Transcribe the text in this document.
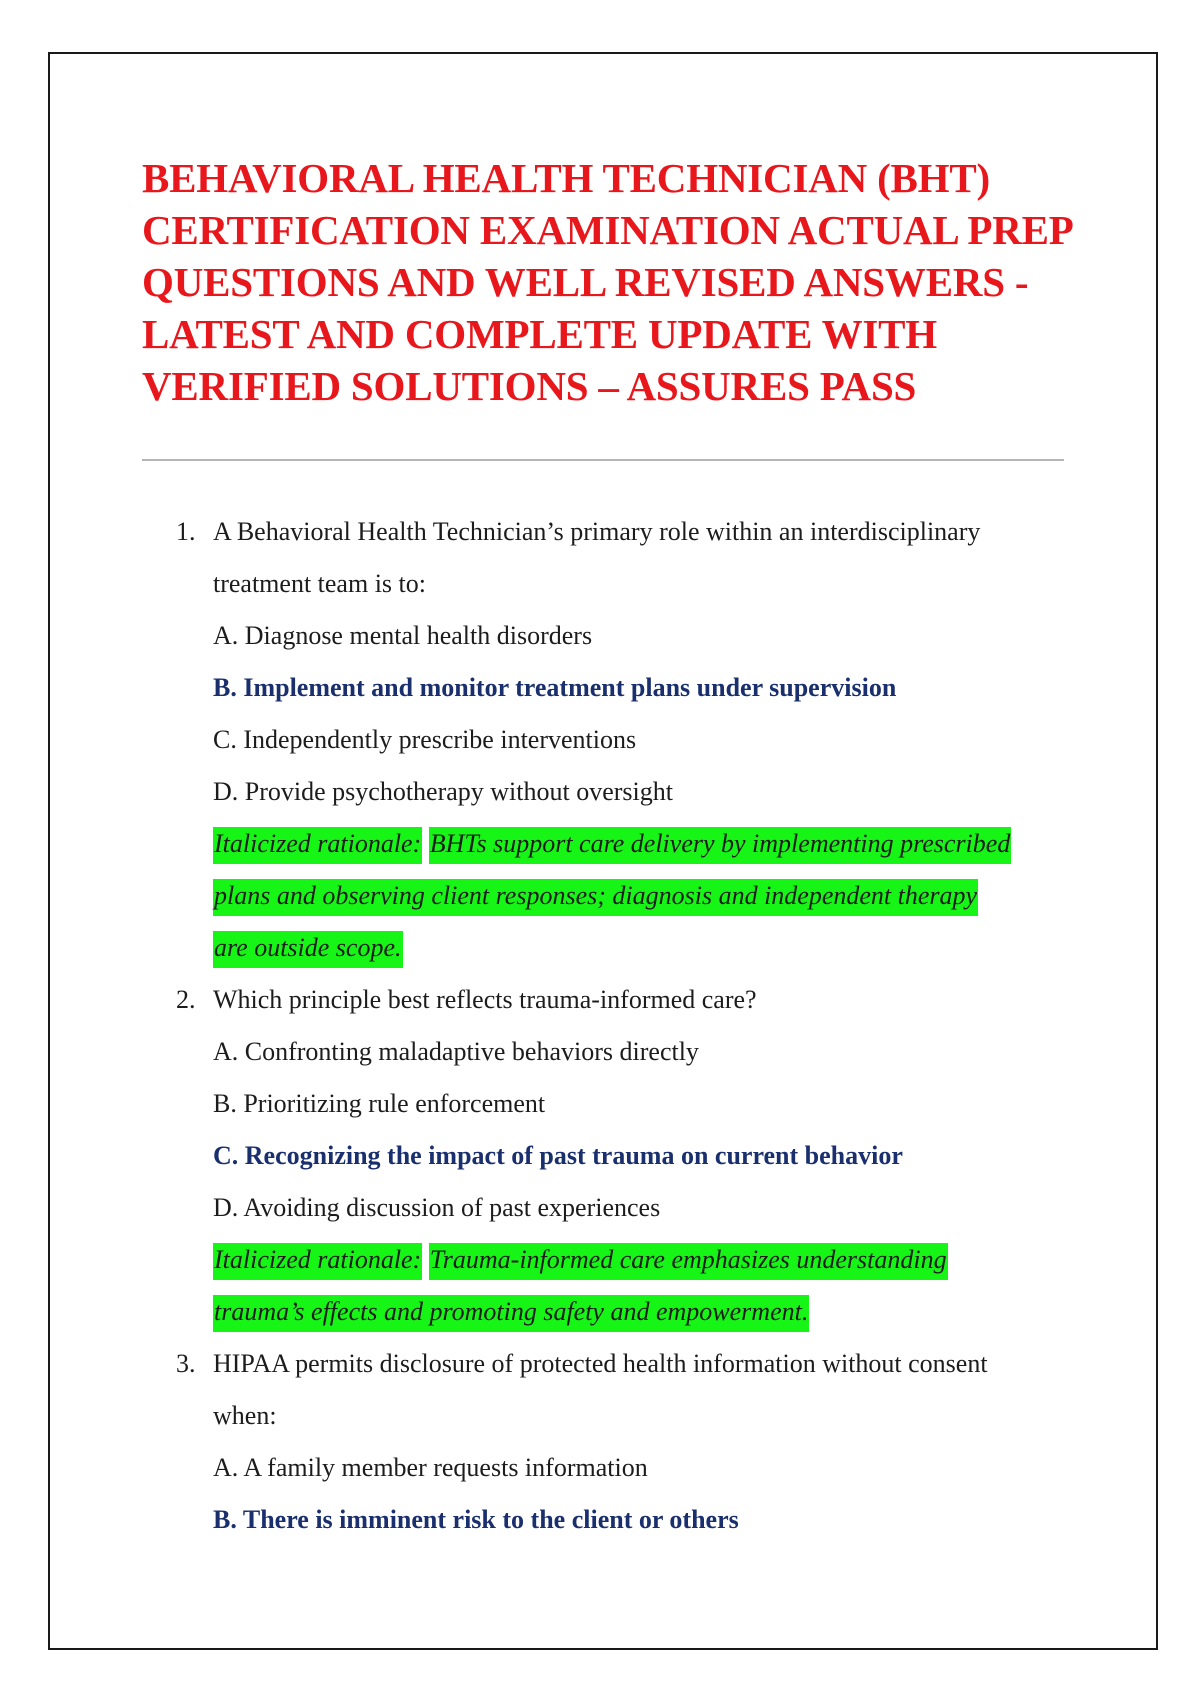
BEHAVIORAL HEALTH TECHNICIAN (BHT)
CERTIFICATION EXAMINATION ACTUAL PREP
QUESTIONS AND WELL REVISED ANSWERS -
LATEST AND COMPLETE UPDATE WITH
VERIFIED SOLUTIONS – ASSURES PASS
1. A Behavioral Health Technician’s primary role within an interdisciplinary
treatment team is to:
A. Diagnose mental health disorders
B. Implement and monitor treatment plans under supervision
C. Independently prescribe interventions
D. Provide psychotherapy without oversight
Italicized rationale: BHTs support care delivery by implementing prescribed
plans and observing client responses; diagnosis and independent therapy
are outside scope.
2. Which principle best reflects trauma-informed care?
A. Confronting maladaptive behaviors directly
B. Prioritizing rule enforcement
C. Recognizing the impact of past trauma on current behavior
D. Avoiding discussion of past experiences
Italicized rationale: Trauma-informed care emphasizes understanding
trauma’s effects and promoting safety and empowerment.
3. HIPAA permits disclosure of protected health information without consent
when:
A. A family member requests information
B. There is imminent risk to the client or others
